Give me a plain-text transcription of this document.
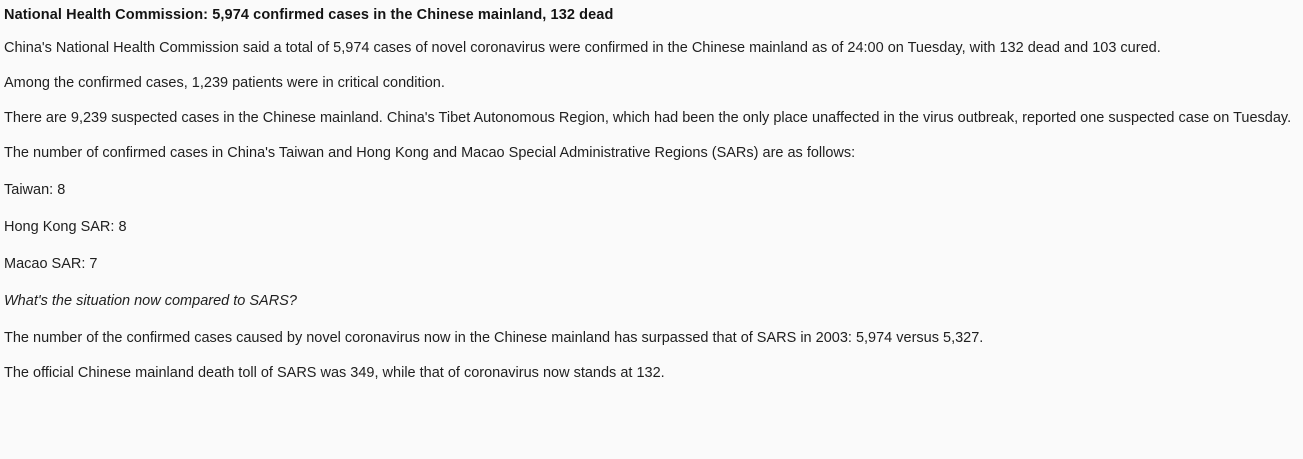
National Health Commission: 5,974 confirmed cases in the Chinese mainland, 132 dead

China's National Health Commission said a total of 5,974 cases of novel coronavirus were confirmed in the Chinese mainland as of 24:00 on Tuesday, with 132 dead and 103 cured.

Among the confirmed cases, 1,239 patients were in critical condition.

There are 9,239 suspected cases in the Chinese mainland. China's Tibet Autonomous Region, which had been the only place unaffected in the virus outbreak, reported one suspected case on Tuesday.

The number of confirmed cases in China's Taiwan and Hong Kong and Macao Special Administrative Regions (SARs) are as follows:

Taiwan: 8

Hong Kong SAR: 8

Macao SAR: 7

What's the situation now compared to SARS?

The number of the confirmed cases caused by novel coronavirus now in the Chinese mainland has surpassed that of SARS in 2003: 5,974 versus 5,327.

The official Chinese mainland death toll of SARS was 349, while that of coronavirus now stands at 132.
